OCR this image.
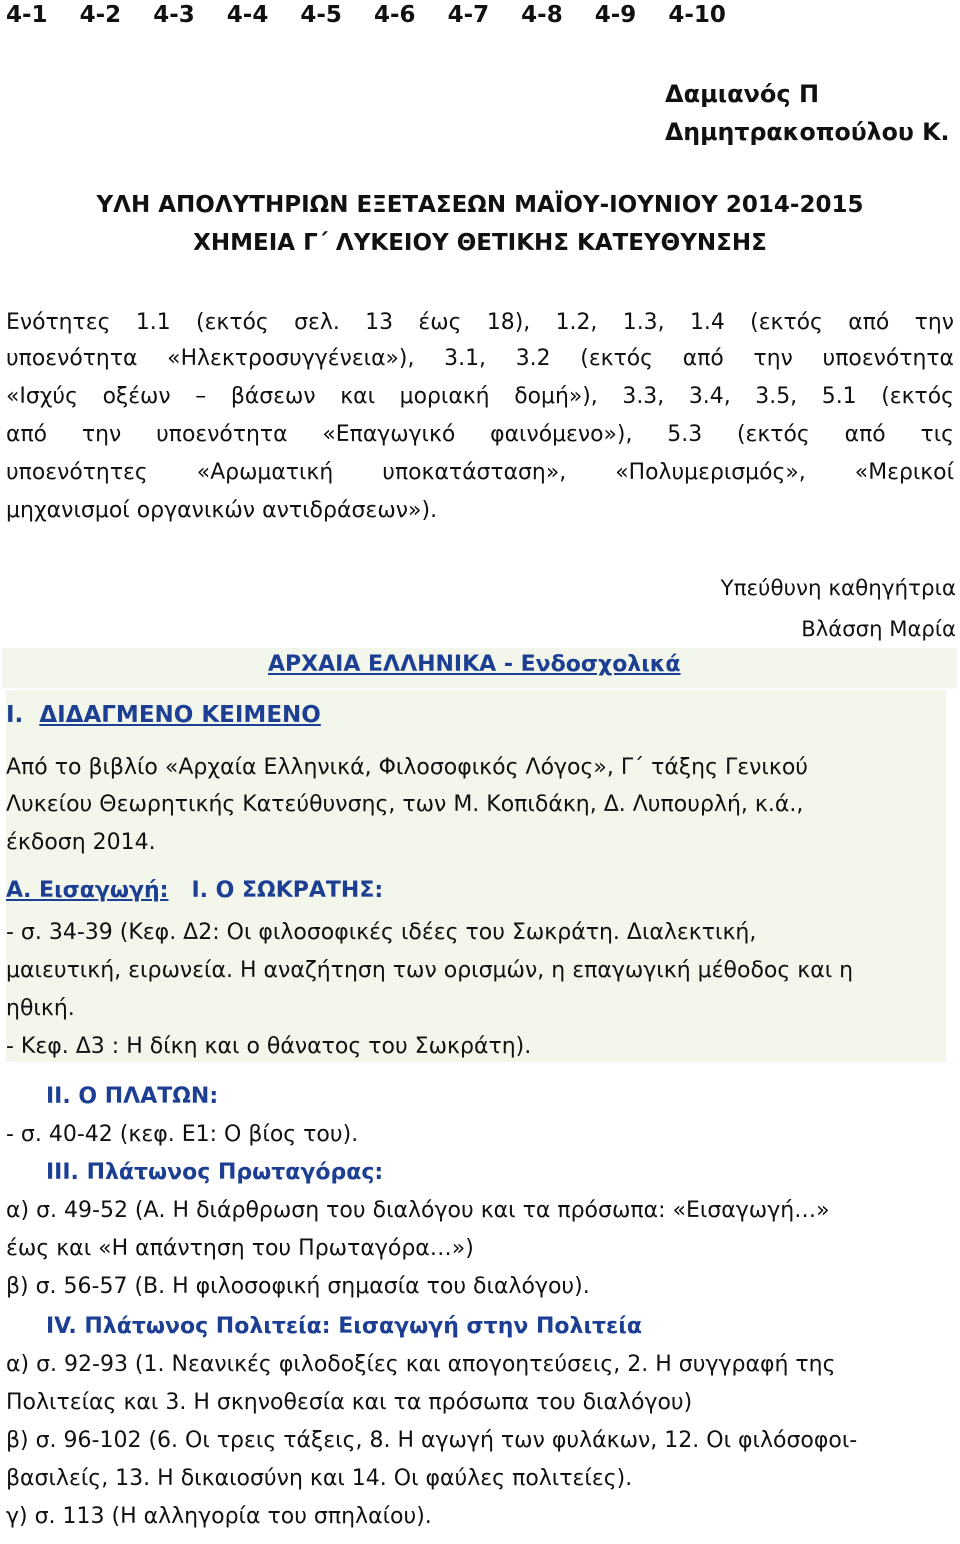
4-1 4-2 4-3 4-4 4-5 4-6 4-7 4-8 4-9 4-10
Δαμιανός Π
Δημητρακοπούλου Κ.
ΥΛΗ ΑΠΟΛΥΤΗΡΙΩΝ ΕΞΕΤΑΣΕΩΝ ΜΑΪΟΥ-ΙΟΥΝΙΟΥ 2014-2015
ΧΗΜΕΙΑ Γ΄ ΛΥΚΕΙΟΥ ΘΕΤΙΚΗΣ ΚΑΤΕΥΘΥΝΣΗΣ
Ενότητες 1.1 (εκτός σελ. 13 έως 18), 1.2, 1.3, 1.4 (εκτός από την
υποενότητα «Ηλεκτροσυγγένεια»), 3.1, 3.2 (εκτός από την υποενότητα
«Ισχύς οξέων – βάσεων και μοριακή δομή»), 3.3, 3.4, 3.5, 5.1 (εκτός
από την υποενότητα «Επαγωγικό φαινόμενο»), 5.3 (εκτός από τις
υποενότητες «Αρωματική υποκατάσταση», «Πολυμερισμός», «Μερικοί
μηχανισμοί οργανικών αντιδράσεων»).
Υπεύθυνη καθηγήτρια
Βλάσση Μαρία
ΑΡΧΑΙΑ ΕΛΛΗΝΙΚΑ - Ενδοσχολικά
Ι. ΔΙΔΑΓΜΕΝΟ ΚΕΙΜΕΝΟ
Από το βιβλίο «Αρχαία Ελληνικά, Φιλοσοφικός Λόγος», Γ΄ τάξης Γενικού
Λυκείου Θεωρητικής Κατεύθυνσης, των Μ. Κοπιδάκη, Δ. Λυπουρλή, κ.ά.,
έκδοση 2014.
Α. Εισαγωγή: Ι. Ο ΣΩΚΡΑΤΗΣ:
- σ. 34-39 (Κεφ. Δ2: Οι φιλοσοφικές ιδέες του Σωκράτη. Διαλεκτική,
μαιευτική, ειρωνεία. Η αναζήτηση των ορισμών, η επαγωγική μέθοδος και η
ηθική.
- Κεφ. Δ3 : Η δίκη και ο θάνατος του Σωκράτη).
ΙΙ. Ο ΠΛΑΤΩΝ:
- σ. 40-42 (κεφ. Ε1: Ο βίος του).
ΙΙΙ. Πλάτωνος Πρωταγόρας:
α) σ. 49-52 (Α. Η διάρθρωση του διαλόγου και τα πρόσωπα: «Εισαγωγή…»
έως και «Η απάντηση του Πρωταγόρα…»)
β) σ. 56-57 (Β. Η φιλοσοφική σημασία του διαλόγου).
ΙV. Πλάτωνος Πολιτεία: Εισαγωγή στην Πολιτεία
α) σ. 92-93 (1. Νεανικές φιλοδοξίες και απογοητεύσεις, 2. Η συγγραφή της
Πολιτείας και 3. Η σκηνοθεσία και τα πρόσωπα του διαλόγου)
β) σ. 96-102 (6. Οι τρεις τάξεις, 8. Η αγωγή των φυλάκων, 12. Οι φιλόσοφοι-
βασιλείς, 13. Η δικαιοσύνη και 14. Οι φαύλες πολιτείες).
γ) σ. 113 (Η αλληγορία του σπηλαίου).
